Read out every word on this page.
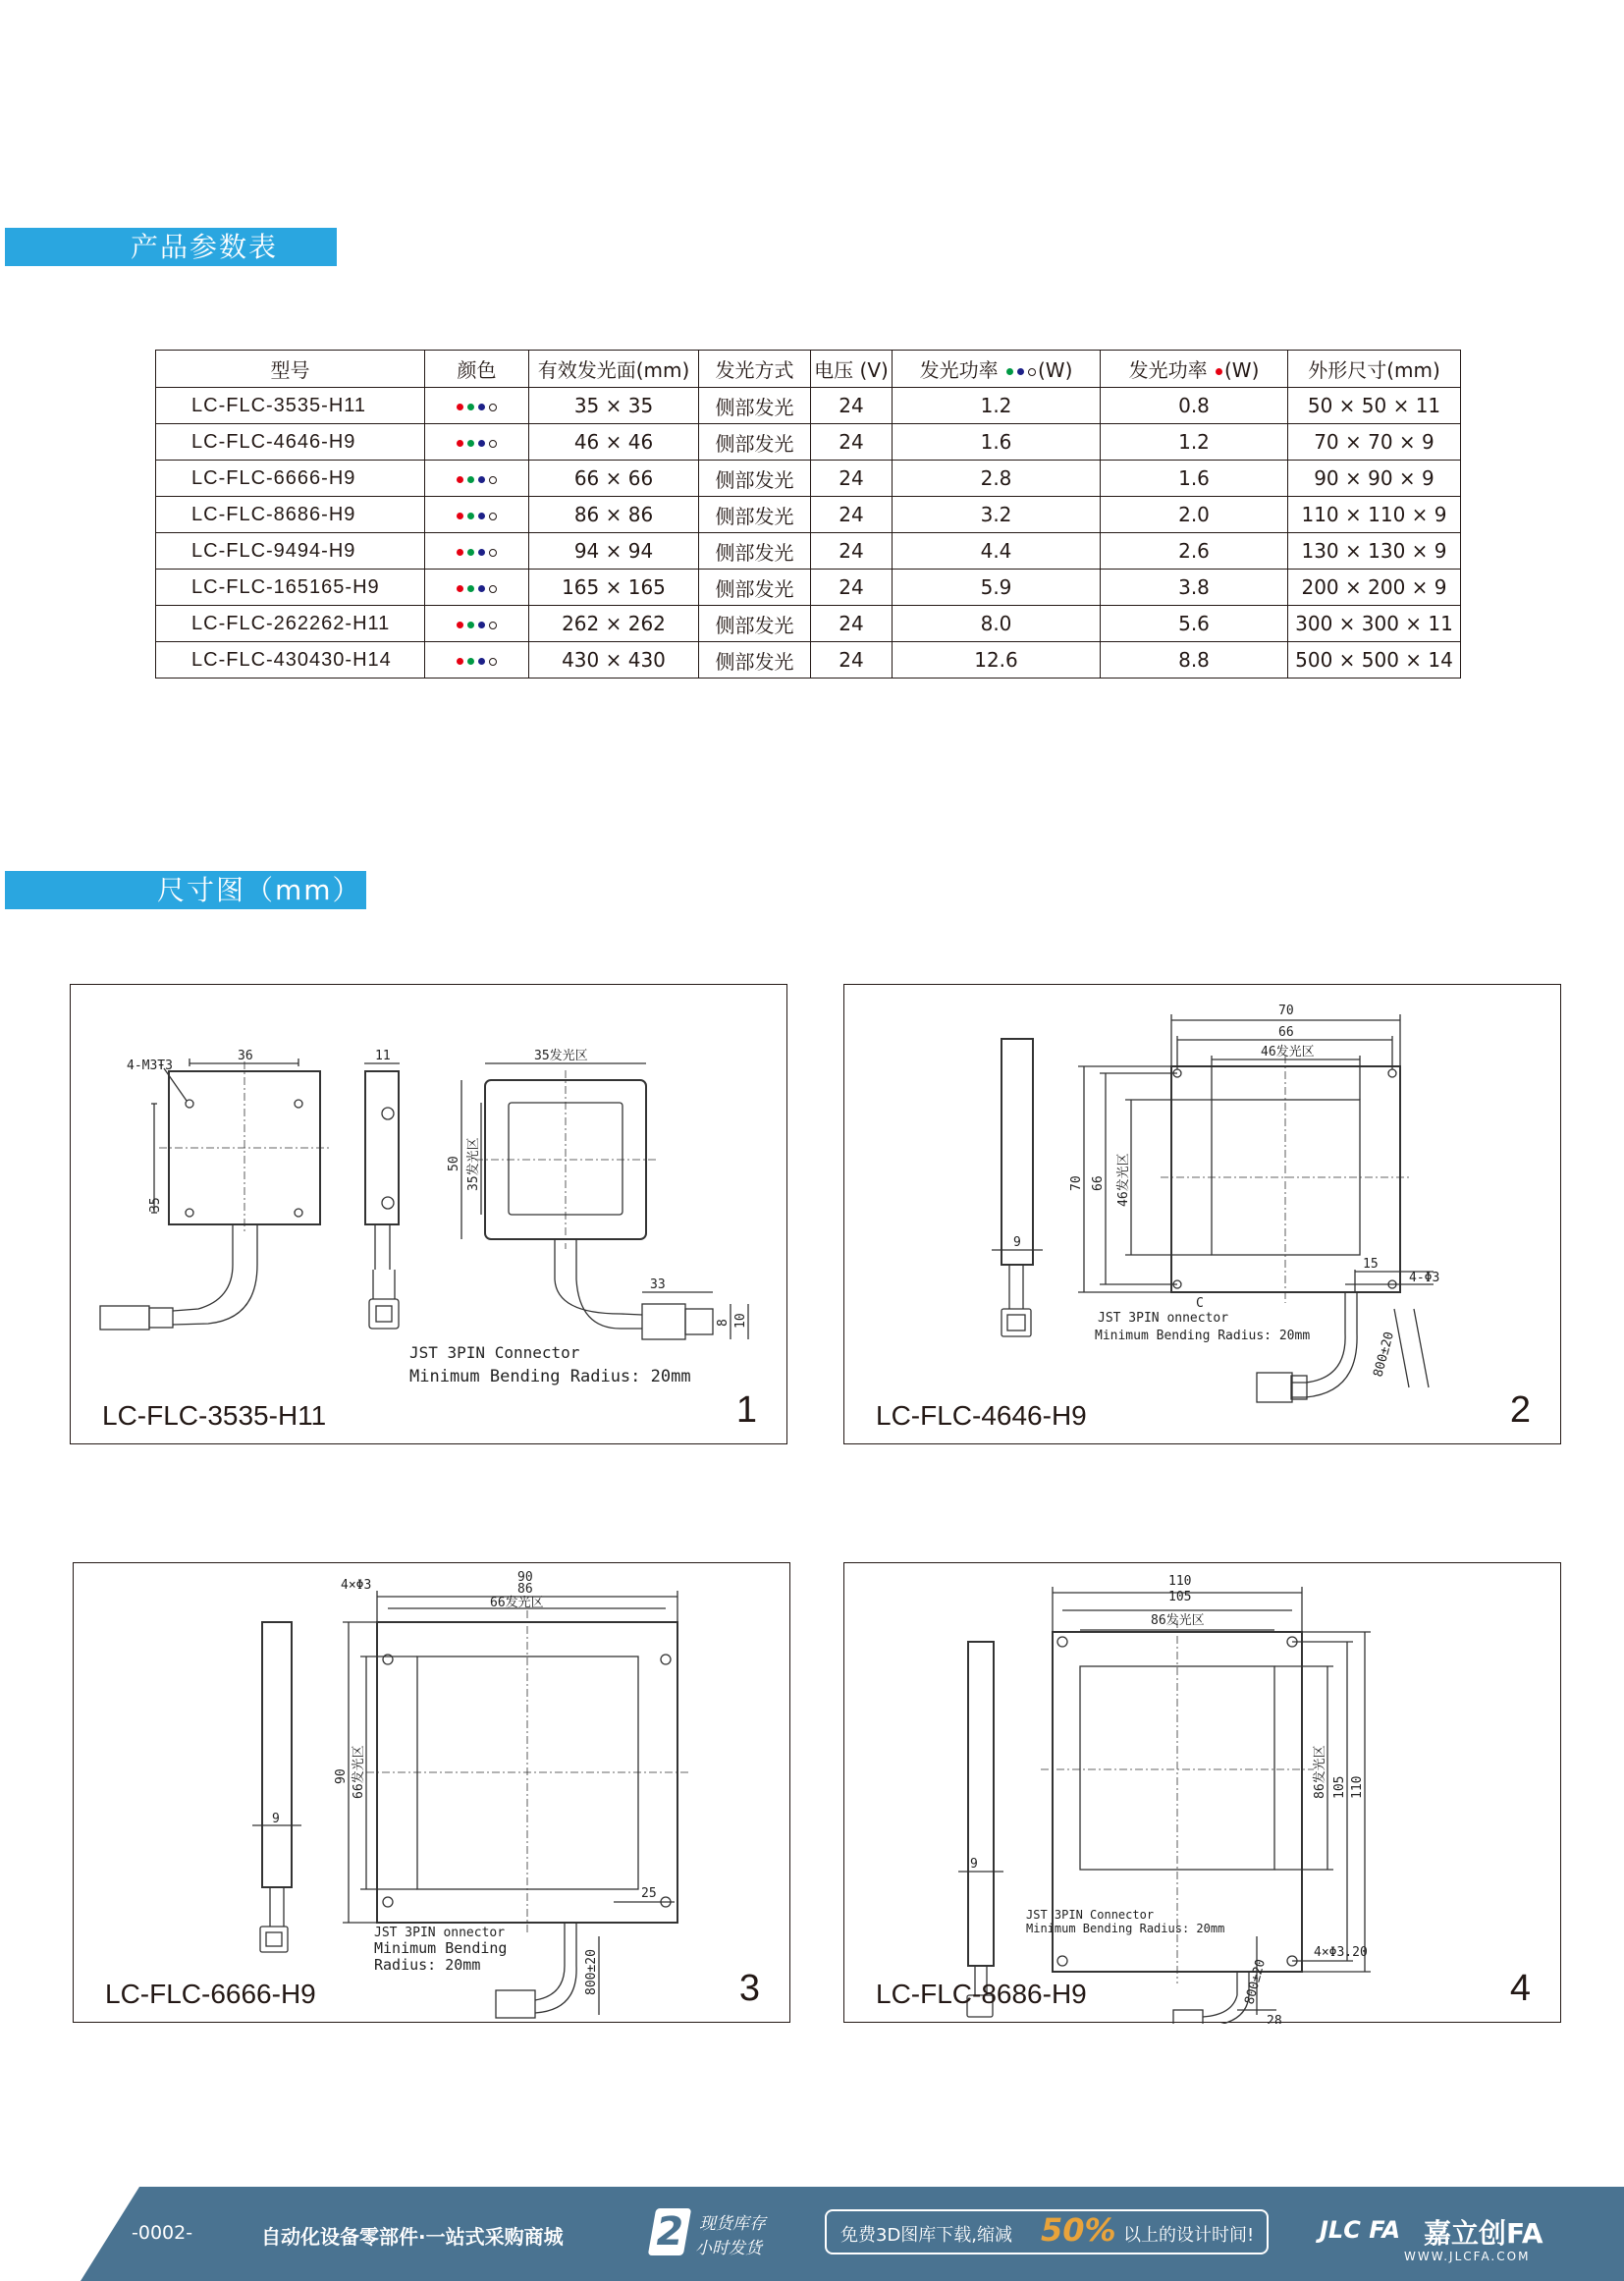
产品参数表
型号	颜色	有效发光面(mm)	发光方式	电压 (V)	发光功率 (W)	发光功率 (W)	外形尺寸(mm)
LC-FLC-3535-H11		35 × 35	侧部发光	24	1.2	0.8	50 × 50 × 11
LC-FLC-4646-H9		46 × 46	侧部发光	24	1.6	1.2	70 × 70 × 9
LC-FLC-6666-H9		66 × 66	侧部发光	24	2.8	1.6	90 × 90 × 9
LC-FLC-8686-H9		86 × 86	侧部发光	24	3.2	2.0	110 × 110 × 9
LC-FLC-9494-H9		94 × 94	侧部发光	24	4.4	2.6	130 × 130 × 9
LC-FLC-165165-H9		165 × 165	侧部发光	24	5.9	3.8	200 × 200 × 9
LC-FLC-262262-H11		262 × 262	侧部发光	24	8.0	5.6	300 × 300 × 11
LC-FLC-430430-H14		430 × 430	侧部发光	24	12.6	8.8	500 × 500 × 14
尺寸图（mm）
4-M3Ŧ3
36
35
11	35发光区
50 35发光区
33
8 10
JST 3PIN Connector
Minimum Bending Radius: 20mm
LC-FLC-3535-H11	1
70
66
46发光区
70 66 46发光区
9
15
4-Φ3
C
JST 3PIN onnector
Minimum Bending Radius: 20mm	800±20
LC-FLC-4646-H9	2
4×Φ3
90
86
66发光区
90 66发光区
9
25
JST 3PIN onnector
Minimum Bending
Radius: 20mm	800±20
LC-FLC-6666-H9	3
110
105
86发光区
86发光区 105 110
9
4×Φ3.20
28
JST 3PIN Connector
Minimum Bending Radius: 20mm
800±20
LC-FLC-8686-H9	4
-0002-	自动化设备零部件·一站式采购商城 2 现货库存
小时发货
免费3D图库下载,缩减 50% 以上的设计时间!	JLC FA 嘉立创FA
WWW.JLCFA.COM
